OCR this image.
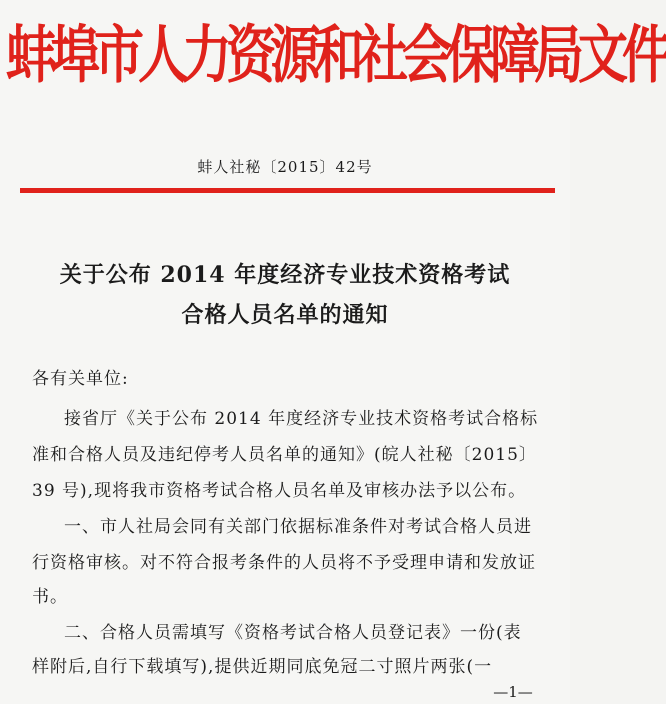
蚌埠市人力资源和社会保障局文件
蚌人社秘〔2015〕42号
关于公布 2014 年度经济专业技术资格考试
合格人员名单的通知
各有关单位:
接省厅《关于公布 2014 年度经济专业技术资格考试合格标
准和合格人员及违纪停考人员名单的通知》(皖人社秘〔2015〕
39 号),现将我市资格考试合格人员名单及审核办法予以公布。
一、市人社局会同有关部门依据标准条件对考试合格人员进
行资格审核。对不符合报考条件的人员将不予受理申请和发放证
书。
二、合格人员需填写《资格考试合格人员登记表》一份(表
样附后,自行下载填写),提供近期同底免冠二寸照片两张(一
—1—
